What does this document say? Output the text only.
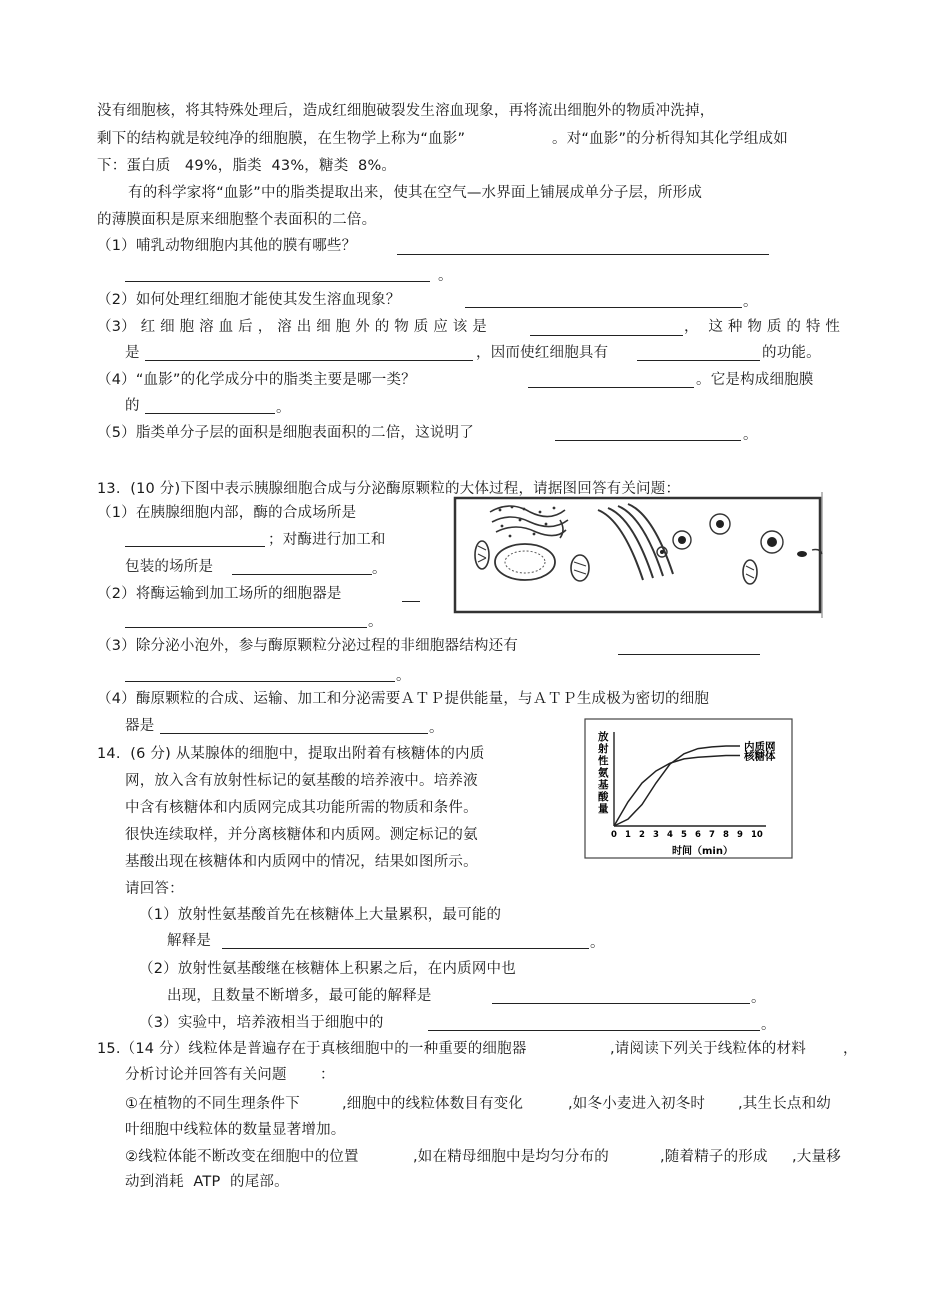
没有细胞核，将其特殊处理后，造成红细胞破裂发生溶血现象，再将流出细胞外的物质冲洗掉，
剩下的结构就是较纯净的细胞膜，在生物学上称为“血影”	。对“血影”的分析得知其化学组成如
下：蛋白质   49%，脂类  43%，糖类  8%。
有的科学家将“血影”中的脂类提取出来，使其在空气—水界面上铺展成单分子层，所形成
的薄膜面积是原来细胞整个表面积的二倍。
（1）哺乳动物细胞内其他的膜有哪些？
。
（2）如何处理红细胞才能使其发生溶血现象？	。
（3） 红 细 胞 溶 血 后 ， 溶 出 细 胞 外 的 物 质 应 该 是	，  这 种 物 质 的 特 性
是	，因而使红细胞具有	的功能。
（4）“血影”的化学成分中的脂类主要是哪一类？	。它是构成细胞膜
的	。
（5）脂类单分子层的面积是细胞表面积的二倍，这说明了	。
13.  (10 分)下图中表示胰腺细胞合成与分泌酶原颗粒的大体过程，请据图回答有关问题：
（1）在胰腺细胞内部，酶的合成场所是
；对酶进行加工和
包装的场所是	。
（2）将酶运输到加工场所的细胞器是
。
（3）除分泌小泡外，参与酶原颗粒分泌过程的非细胞器结构还有
。
（4）酶原颗粒的合成、运输、加工和分泌需要ＡＴＰ提供能量，与ＡＴＰ生成极为密切的细胞
器是	。
14.  (6 分) 从某腺体的细胞中，提取出附着有核糖体的内质
网，放入含有放射性标记的氨基酸的培养液中。培养液
中含有核糖体和内质网完成其功能所需的物质和条件。
很快连续取样，并分离核糖体和内质网。测定标记的氨
基酸出现在核糖体和内质网中的情况，结果如图所示。
请回答：
（1）放射性氨基酸首先在核糖体上大量累积，最可能的
解释是	。
（2）放射性氨基酸继在核糖体上积累之后，在内质网中也
出现，且数量不断增多，最可能的解释是	。
（3）实验中，培养液相当于细胞中的	。
放射性氨基酸量
核糖体
内质网
0 1 2 3 4 5 6 7 8 9 10
时间（min）
15.（14 分）线粒体是普遍存在于真核细胞中的一种重要的细胞器	,请阅读下列关于线粒体的材料	，
分析讨论并回答有关问题 ：
①在植物的不同生理条件下	,细胞中的线粒体数目有变化	,如冬小麦进入初冬时 ,其生长点和幼
叶细胞中线粒体的数量显著增加。
②线粒体能不断改变在细胞中的位置	,如在精母细胞中是均匀分布的	,随着精子的形成 ,大量移
动到消耗  ATP  的尾部。
